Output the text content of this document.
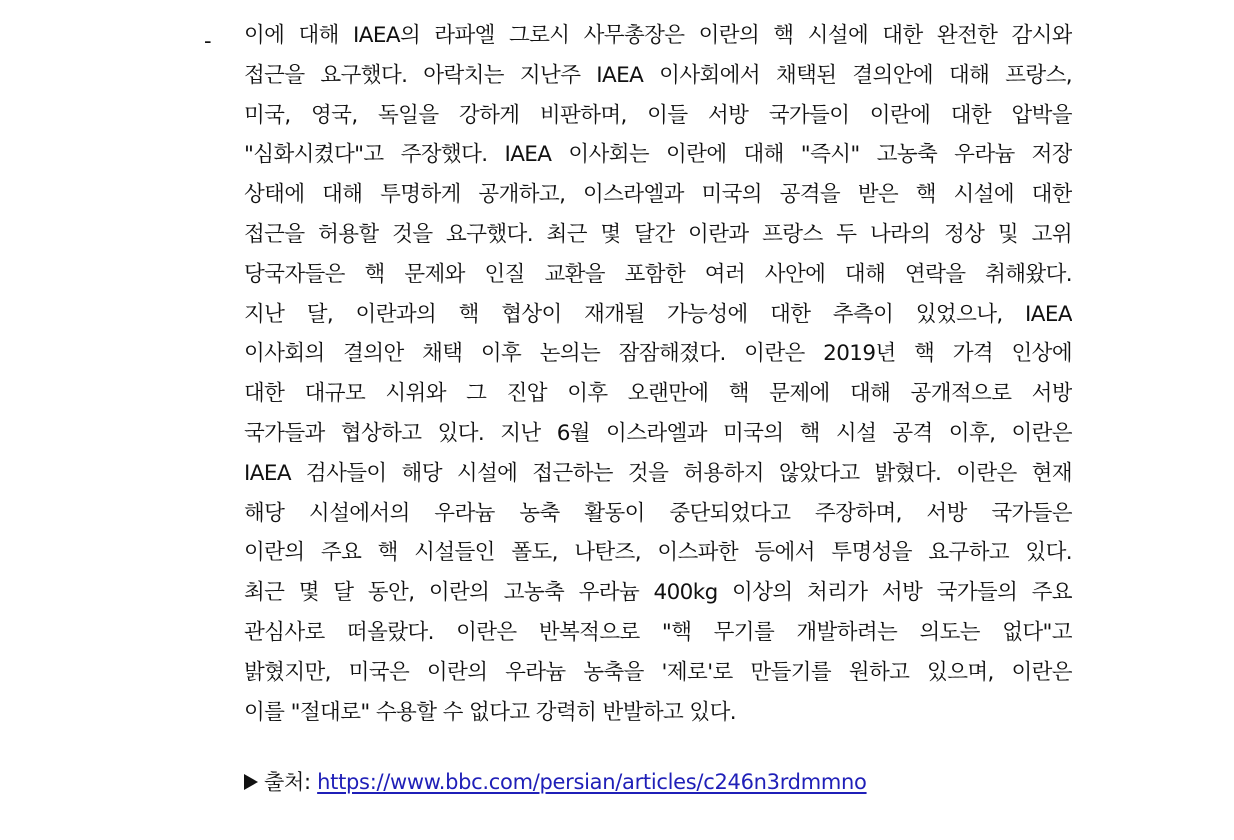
- 이에 대해 IAEA의 라파엘 그로시 사무총장은 이란의 핵 시설에 대한 완전한 감시와
접근을 요구했다. 아락치는 지난주 IAEA 이사회에서 채택된 결의안에 대해 프랑스,
미국, 영국, 독일을 강하게 비판하며, 이들 서방 국가들이 이란에 대한 압박을
"심화시켰다"고 주장했다. IAEA 이사회는 이란에 대해 "즉시" 고농축 우라늄 저장
상태에 대해 투명하게 공개하고, 이스라엘과 미국의 공격을 받은 핵 시설에 대한
접근을 허용할 것을 요구했다. 최근 몇 달간 이란과 프랑스 두 나라의 정상 및 고위
당국자들은 핵 문제와 인질 교환을 포함한 여러 사안에 대해 연락을 취해왔다.
지난 달, 이란과의 핵 협상이 재개될 가능성에 대한 추측이 있었으나, IAEA
이사회의 결의안 채택 이후 논의는 잠잠해졌다. 이란은 2019년 핵 가격 인상에
대한 대규모 시위와 그 진압 이후 오랜만에 핵 문제에 대해 공개적으로 서방
국가들과 협상하고 있다. 지난 6월 이스라엘과 미국의 핵 시설 공격 이후, 이란은
IAEA 검사들이 해당 시설에 접근하는 것을 허용하지 않았다고 밝혔다. 이란은 현재
해당 시설에서의 우라늄 농축 활동이 중단되었다고 주장하며, 서방 국가들은
이란의 주요 핵 시설들인 폴도, 나탄즈, 이스파한 등에서 투명성을 요구하고 있다.
최근 몇 달 동안, 이란의 고농축 우라늄 400kg 이상의 처리가 서방 국가들의 주요
관심사로 떠올랐다. 이란은 반복적으로 "핵 무기를 개발하려는 의도는 없다"고
밝혔지만, 미국은 이란의 우라늄 농축을 '제로'로 만들기를 원하고 있으며, 이란은
이를 "절대로" 수용할 수 없다고 강력히 반발하고 있다.
출처: https://www.bbc.com/persian/articles/c246n3rdmmno
